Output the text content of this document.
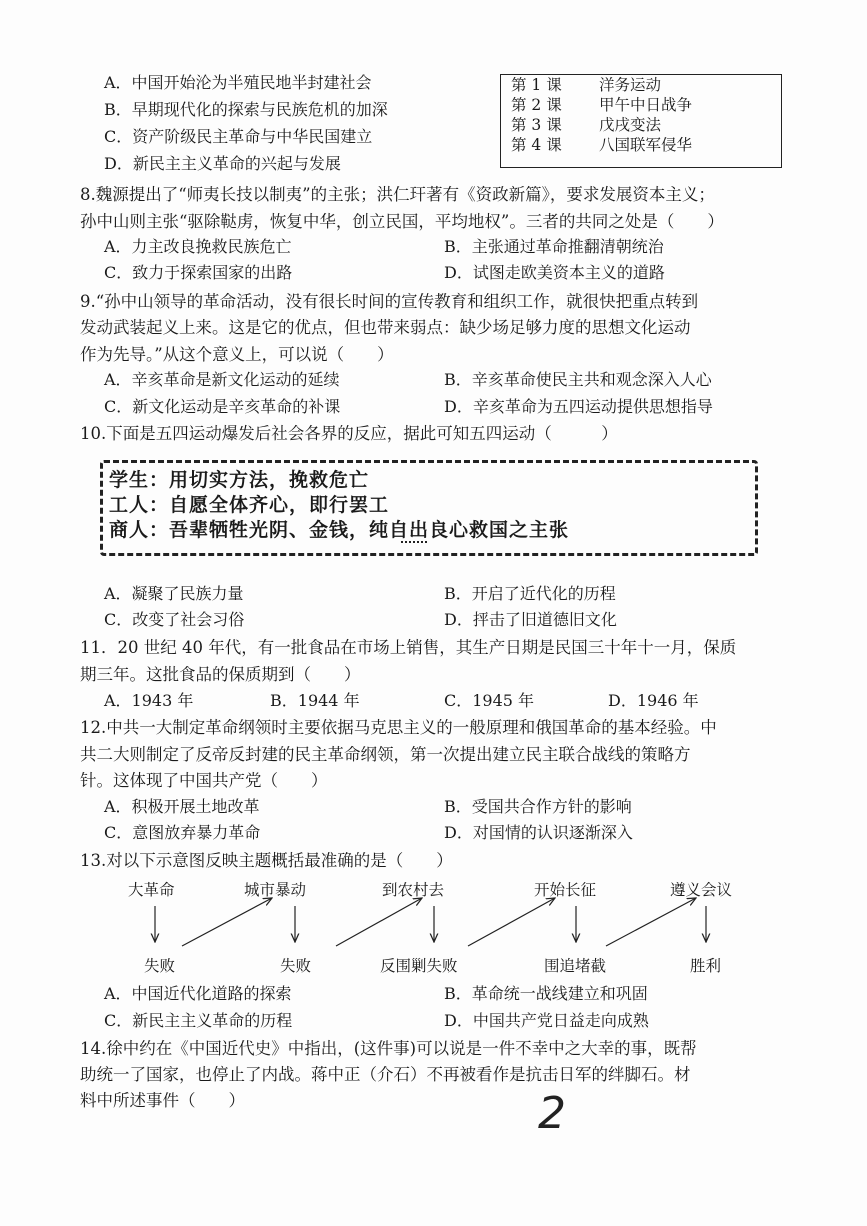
A．中国开始沦为半殖民地半封建社会
B．早期现代化的探索与民族危机的加深
C．资产阶级民主革命与中华民国建立
D．新民主主义革命的兴起与发展
第 1 课	洋务运动
第 2 课	甲午中日战争
第 3 课	戊戌变法
第 4 课	八国联军侵华
8.魏源提出了“师夷长技以制夷”的主张；洪仁玕著有《资政新篇》，要求发展资本主义；
孙中山则主张“驱除鞑虏，恢复中华，创立民国，平均地权”。三者的共同之处是（　　）
A．力主改良挽救民族危亡	B．主张通过革命推翻清朝统治
C．致力于探索国家的出路	D．试图走欧美资本主义的道路
9.“孙中山领导的革命活动，没有很长时间的宣传教育和组织工作，就很快把重点转到
发动武装起义上来。这是它的优点，但也带来弱点：缺少场足够力度的思想文化运动
作为先导。”从这个意义上，可以说（　　）
A．辛亥革命是新文化运动的延续	B．辛亥革命使民主共和观念深入人心
C．新文化运动是辛亥革命的补课	D．辛亥革命为五四运动提供思想指导
10.下面是五四运动爆发后社会各界的反应，据此可知五四运动（　　　）
学生：用切实方法，挽救危亡
工人：自愿全体齐心，即行罢工
商人：吾辈牺牲光阴、金钱，纯自出良心救国之主张
A．凝聚了民族力量	B．开启了近代化的历程
C．改变了社会习俗	D．抨击了旧道德旧文化
11．20 世纪 40 年代，有一批食品在市场上销售，其生产日期是民国三十年十一月，保质
期三年。这批食品的保质期到（　　）
A．1943 年	B．1944 年	C．1945 年	D．1946 年
12.中共一大制定革命纲领时主要依据马克思主义的一般原理和俄国革命的基本经验。中
共二大则制定了反帝反封建的民主革命纲领，第一次提出建立民主联合战线的策略方
针。这体现了中国共产党（　　）
A．积极开展土地改革	B．受国共合作方针的影响
C．意图放弃暴力革命	D．对国情的认识逐渐深入
13.对以下示意图反映主题概括最准确的是（　　）
大革命	城市暴动	到农村去	开始长征	遵义会议
失败	失败	反围剿失败	围追堵截	胜利
A．中国近代化道路的探索	B．革命统一战线建立和巩固
C．新民主主义革命的历程	D．中国共产党日益走向成熟
14.徐中约在《中国近代史》中指出，(这件事)可以说是一件不幸中之大幸的事，既帮
助统一了国家，也停止了内战。蒋中正（介石）不再被看作是抗击日军的绊脚石。材
料中所述事件（　　）	2
